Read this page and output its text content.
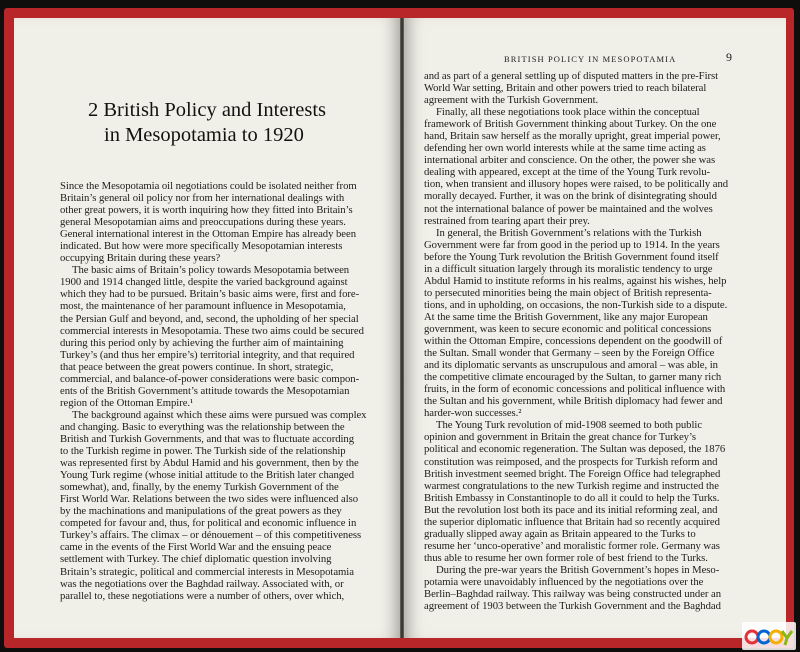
2 British Policy and Interests
in Mesopotamia to 1920
Since the Mesopotamia oil negotiations could be isolated neither from
Britain’s general oil policy nor from her international dealings with
other great powers, it is worth inquiring how they fitted into Britain’s
general Mesopotamian aims and preoccupations during these years.
General international interest in the Ottoman Empire has already been
indicated. But how were more specifically Mesopotamian interests
occupying Britain during these years?
The basic aims of Britain’s policy towards Mesopotamia between
1900 and 1914 changed little, despite the varied background against
which they had to be pursued. Britain’s basic aims were, first and fore-
most, the maintenance of her paramount influence in Mesopotamia,
the Persian Gulf and beyond, and, second, the upholding of her special
commercial interests in Mesopotamia. These two aims could be secured
during this period only by achieving the further aim of maintaining
Turkey’s (and thus her empire’s) territorial integrity, and that required
that peace between the great powers continue. In short, strategic,
commercial, and balance-of-power considerations were basic compon-
ents of the British Government’s attitude towards the Mesopotamian
region of the Ottoman Empire.¹
The background against which these aims were pursued was complex
and changing. Basic to everything was the relationship between the
British and Turkish Governments, and that was to fluctuate according
to the Turkish regime in power. The Turkish side of the relationship
was represented first by Abdul Hamid and his government, then by the
Young Turk regime (whose initial attitude to the British later changed
somewhat), and, finally, by the enemy Turkish Government of the
First World War. Relations between the two sides were influenced also
by the machinations and manipulations of the great powers as they
competed for favour and, thus, for political and economic influence in
Turkey’s affairs. The climax – or dénouement – of this competitiveness
came in the events of the First World War and the ensuing peace
settlement with Turkey. The chief diplomatic question involving
Britain’s strategic, political and commercial interests in Mesopotamia
was the negotiations over the Baghdad railway. Associated with, or
parallel to, these negotiations were a number of others, over which,
BRITISH POLICY IN MESOPOTAMIA	9
and as part of a general settling up of disputed matters in the pre-First
World War setting, Britain and other powers tried to reach bilateral
agreement with the Turkish Government.
Finally, all these negotiations took place within the conceptual
framework of British Government thinking about Turkey. On the one
hand, Britain saw herself as the morally upright, great imperial power,
defending her own world interests while at the same time acting as
international arbiter and conscience. On the other, the power she was
dealing with appeared, except at the time of the Young Turk revolu-
tion, when transient and illusory hopes were raised, to be politically and
morally decayed. Further, it was on the brink of disintegrating should
not the international balance of power be maintained and the wolves
restrained from tearing apart their prey.
In general, the British Government’s relations with the Turkish
Government were far from good in the period up to 1914. In the years
before the Young Turk revolution the British Government found itself
in a difficult situation largely through its moralistic tendency to urge
Abdul Hamid to institute reforms in his realms, against his wishes, help
to persecuted minorities being the main object of British representa-
tions, and in upholding, on occasions, the non-Turkish side to a dispute.
At the same time the British Government, like any major European
government, was keen to secure economic and political concessions
within the Ottoman Empire, concessions dependent on the goodwill of
the Sultan. Small wonder that Germany – seen by the Foreign Office
and its diplomatic servants as unscrupulous and amoral – was able, in
the competitive climate encouraged by the Sultan, to garner many rich
fruits, in the form of economic concessions and political influence with
the Sultan and his government, while British diplomacy had fewer and
harder-won successes.²
The Young Turk revolution of mid-1908 seemed to both public
opinion and government in Britain the great chance for Turkey’s
political and economic regeneration. The Sultan was deposed, the 1876
constitution was reimposed, and the prospects for Turkish reform and
British investment seemed bright. The Foreign Office had telegraphed
warmest congratulations to the new Turkish regime and instructed the
British Embassy in Constantinople to do all it could to help the Turks.
But the revolution lost both its pace and its initial reforming zeal, and
the superior diplomatic influence that Britain had so recently acquired
gradually slipped away again as Britain appeared to the Turks to
resume her ‘unco-operative’ and moralistic former role. Germany was
thus able to resume her own former role of best friend to the Turks.
During the pre-war years the British Government’s hopes in Meso-
potamia were unavoidably influenced by the negotiations over the
Berlin–Baghdad railway. This railway was being constructed under an
agreement of 1903 between the Turkish Government and the Baghdad
